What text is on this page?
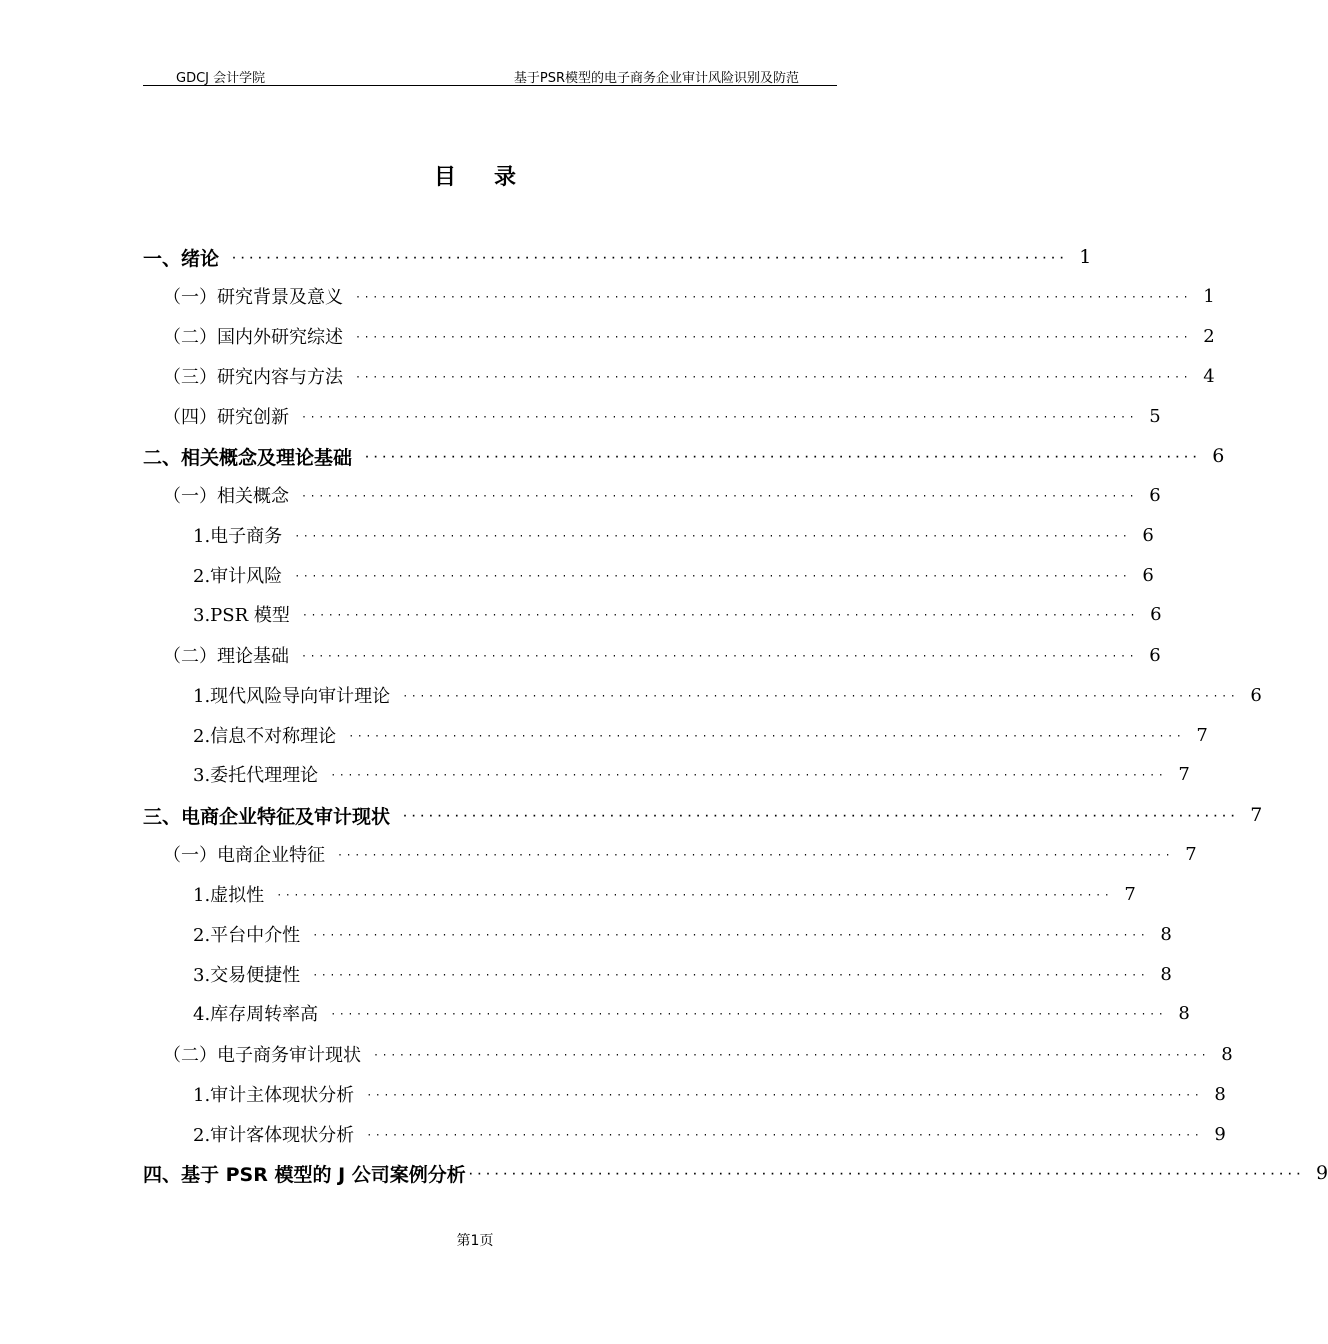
GDCJ 会计学院	基于PSR模型的电子商务企业审计风险识别及防范
目录
一、绪论 ································································································· 1
（一）研究背景及意义 ································································································· 1
（二）国内外研究综述 ································································································· 2
（三）研究内容与方法 ································································································· 4
（四）研究创新 ································································································· 5
二、相关概念及理论基础 ································································································· 6
（一）相关概念 ································································································· 6
1.电子商务 ································································································· 6
2.审计风险 ································································································· 6
3.PSR 模型 ································································································· 6
（二）理论基础 ································································································· 6
1.现代风险导向审计理论 ································································································· 6
2.信息不对称理论 ································································································· 7
3.委托代理理论 ································································································· 7
三、电商企业特征及审计现状 ································································································· 7
（一）电商企业特征 ································································································· 7
1.虚拟性 ································································································· 7
2.平台中介性 ································································································· 8
3.交易便捷性 ································································································· 8
4.库存周转率高 ································································································· 8
（二）电子商务审计现状 ································································································· 8
1.审计主体现状分析 ································································································· 8
2.审计客体现状分析 ································································································· 9
四、基于 PSR 模型的 J 公司案例分析 ································································································· 9
第1页
